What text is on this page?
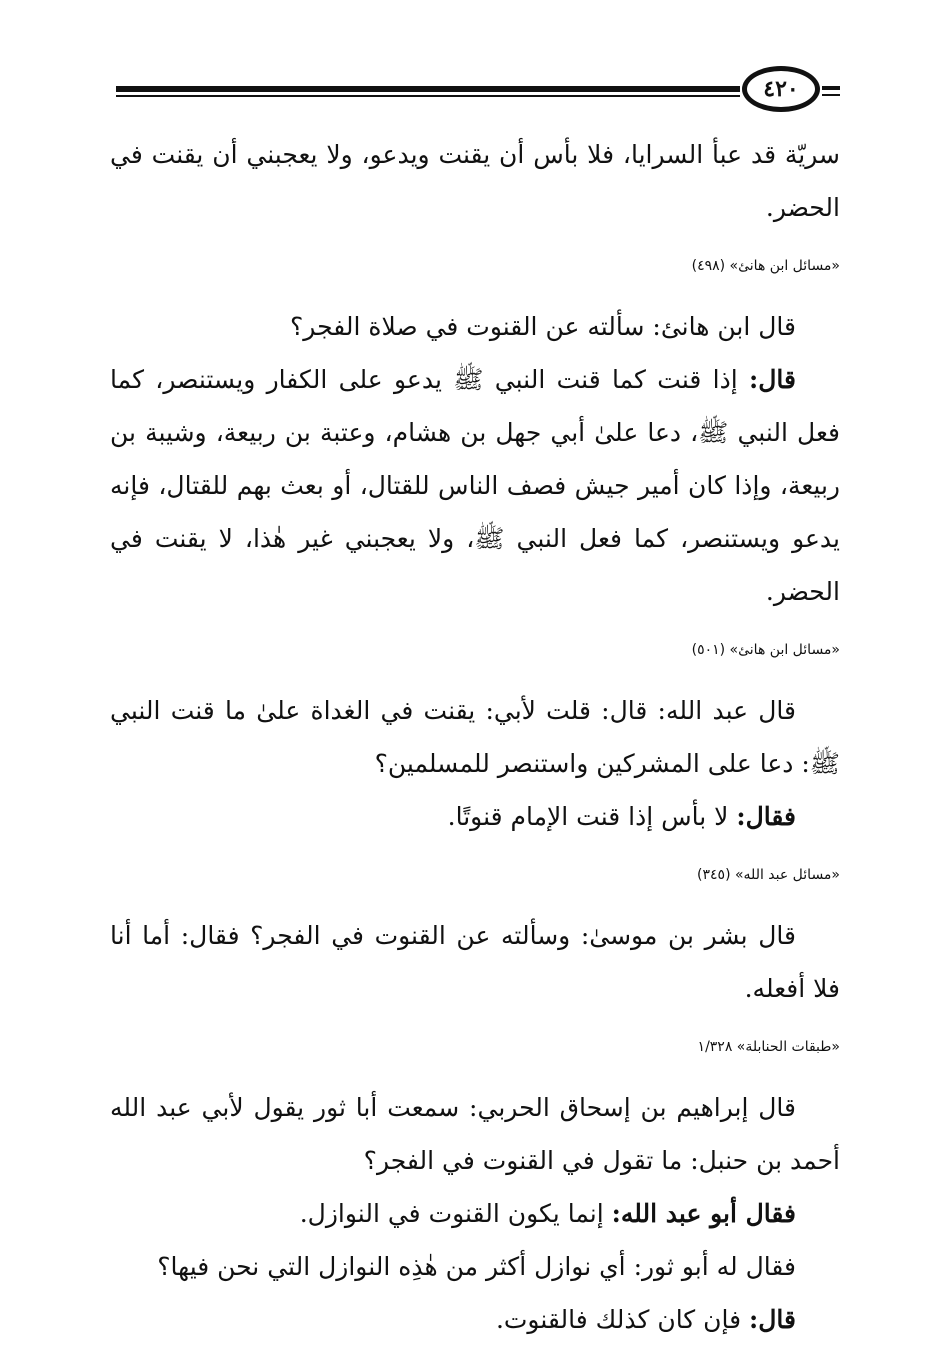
٤٢٠

سريّة قد عبأ السرايا، فلا بأس أن يقنت ويدعو، ولا يعجبني أن يقنت في الحضر.

«مسائل ابن هانئ» (٤٩٨)

قال ابن هانئ: سألته عن القنوت في صلاة الفجر؟

قال: إذا قنت كما قنت النبي ﷺ يدعو على الكفار ويستنصر، كما فعل النبي ﷺ، دعا علىٰ أبي جهل بن هشام، وعتبة بن ربيعة، وشيبة بن ربيعة، وإذا كان أمير جيش فصف الناس للقتال، أو بعث بهم للقتال، فإنه يدعو ويستنصر، كما فعل النبي ﷺ، ولا يعجبني غير هٰذا، لا يقنت في الحضر.

«مسائل ابن هانئ» (٥٠١)

قال عبد الله: قال: قلت لأبي: يقنت في الغداة علىٰ ما قنت النبي ﷺ: دعا على المشركين واستنصر للمسلمين؟

فقال: لا بأس إذا قنت الإمام قنوتًا.

«مسائل عبد الله» (٣٤٥)

قال بشر بن موسىٰ: وسألته عن القنوت في الفجر؟ فقال: أما أنا فلا أفعله.

«طبقات الحنابلة» ١/٣٢٨

قال إبراهيم بن إسحاق الحربي: سمعت أبا ثور يقول لأبي عبد الله أحمد بن حنبل: ما تقول في القنوت في الفجر؟

فقال أبو عبد الله: إنما يكون القنوت في النوازل.

فقال له أبو ثور: أي نوازل أكثر من هٰذِه النوازل التي نحن فيها؟

قال: فإن كان كذلك فالقنوت.
